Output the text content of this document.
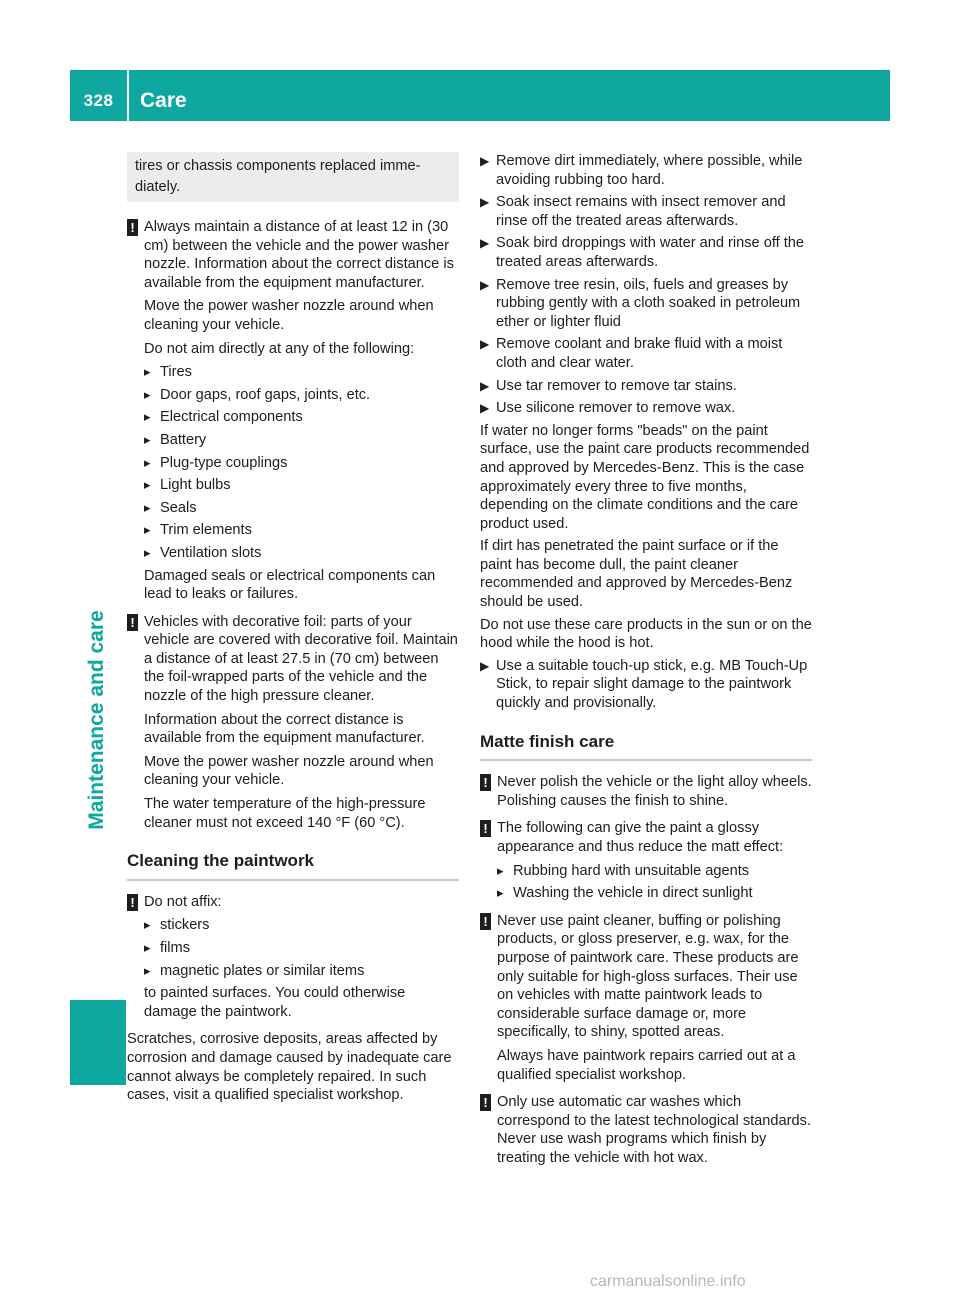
328	Care
Maintenance and care
tires or chassis components replaced imme-
diately.
! Always maintain a distance of at least 12 in (30 cm) between the vehicle and the power washer nozzle. Information about the correct distance is available from the equipment manufacturer.

Move the power washer nozzle around when cleaning your vehicle.

Do not aim directly at any of the following:

▸ Tires
▸ Door gaps, roof gaps, joints, etc.
▸ Electrical components
▸ Battery
▸ Plug-type couplings
▸ Light bulbs
▸ Seals
▸ Trim elements
▸ Ventilation slots

Damaged seals or electrical components can lead to leaks or failures.

! Vehicles with decorative foil: parts of your vehicle are covered with decorative foil. Maintain a distance of at least 27.5 in (70 cm) between the foil-wrapped parts of the vehicle and the nozzle of the high pressure cleaner.

Information about the correct distance is available from the equipment manufacturer.

Move the power washer nozzle around when cleaning your vehicle.

The water temperature of the high-pressure cleaner must not exceed 140 °F (60 °C).

Cleaning the paintwork
! Do not affix:

▸ stickers
▸ films
▸ magnetic plates or similar items

to painted surfaces. You could otherwise damage the paintwork.

Scratches, corrosive deposits, areas affected by corrosion and damage caused by inadequate care cannot always be completely repaired. In such cases, visit a qualified specialist workshop.

▶ Remove dirt immediately, where possible, while avoiding rubbing too hard.
▶ Soak insect remains with insect remover and rinse off the treated areas afterwards.
▶ Soak bird droppings with water and rinse off the treated areas afterwards.
▶ Remove tree resin, oils, fuels and greases by rubbing gently with a cloth soaked in petroleum ether or lighter fluid
▶ Remove coolant and brake fluid with a moist cloth and clear water.
▶ Use tar remover to remove tar stains.
▶ Use silicone remover to remove wax.

If water no longer forms "beads" on the paint surface, use the paint care products recommended and approved by Mercedes-Benz. This is the case approximately every three to five months, depending on the climate conditions and the care product used.

If dirt has penetrated the paint surface or if the paint has become dull, the paint cleaner recommended and approved by Mercedes-Benz should be used.

Do not use these care products in the sun or on the hood while the hood is hot.

▶ Use a suitable touch-up stick, e.g. MB Touch-Up Stick, to repair slight damage to the paintwork quickly and provisionally.
Matte finish care
! Never polish the vehicle or the light alloy wheels. Polishing causes the finish to shine.

! The following can give the paint a glossy appearance and thus reduce the matt effect:

▸ Rubbing hard with unsuitable agents
▸ Washing the vehicle in direct sunlight
! Never use paint cleaner, buffing or polishing products, or gloss preserver, e.g. wax, for the purpose of paintwork care. These products are only suitable for high-gloss surfaces. Their use on vehicles with matte paintwork leads to considerable surface damage or, more specifically, to shiny, spotted areas.

Always have paintwork repairs carried out at a qualified specialist workshop.

! Only use automatic car washes which correspond to the latest technological standards. Never use wash programs which finish by treating the vehicle with hot wax.

carmanualsonline.info
